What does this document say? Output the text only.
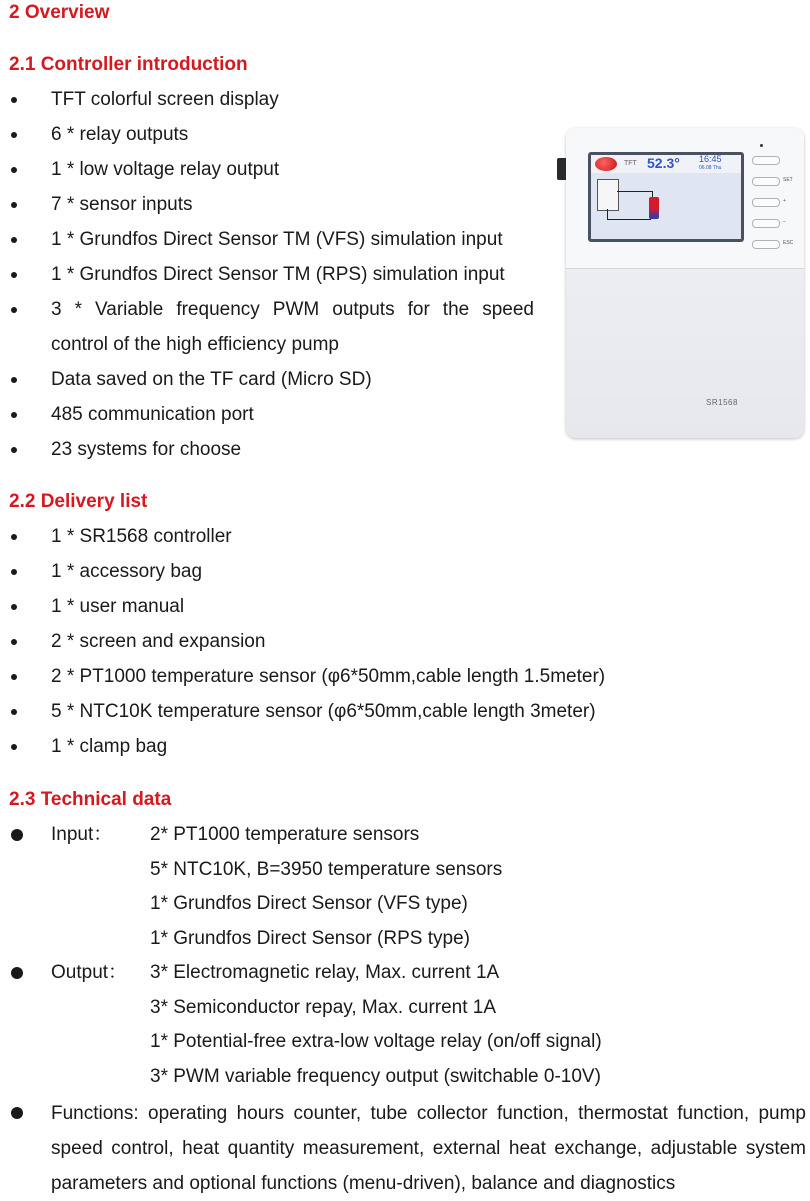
2 Overview
2.1 Controller introduction
TFT colorful screen display
6 * relay outputs
1 * low voltage relay output
7 * sensor inputs
1 * Grundfos Direct Sensor TM (VFS) simulation input
1 * Grundfos Direct Sensor TM (RPS) simulation input
3 * Variable frequency PWM outputs for the speed control of the high efficiency pump
Data saved on the TF card (Micro SD)
485 communication port
23 systems for choose
2.2 Delivery list
1 * SR1568 controller
1 * accessory bag
1 * user manual
2 * screen and expansion
2 * PT1000 temperature sensor (φ6*50mm,cable length 1.5meter)
5 * NTC10K temperature sensor (φ6*50mm,cable length 3meter)
1 * clamp bag
2.3 Technical data
Input： 2* PT1000 temperature sensors
5* NTC10K, B=3950 temperature sensors
1* Grundfos Direct Sensor (VFS type)
1* Grundfos Direct Sensor (RPS type)
Output： 3* Electromagnetic relay, Max. current 1A
3* Semiconductor repay, Max. current 1A
1* Potential-free extra-low voltage relay (on/off signal)
3* PWM variable frequency output (switchable 0-10V)

Functions: operating hours counter, tube collector function, thermostat function, pump speed control, heat quantity measurement, external heat exchange, adjustable system parameters and optional functions (menu-driven), balance and diagnostics

TFT 52.3° 16:45
06.08 Thu
SET
+
–
ESC
SR1568
